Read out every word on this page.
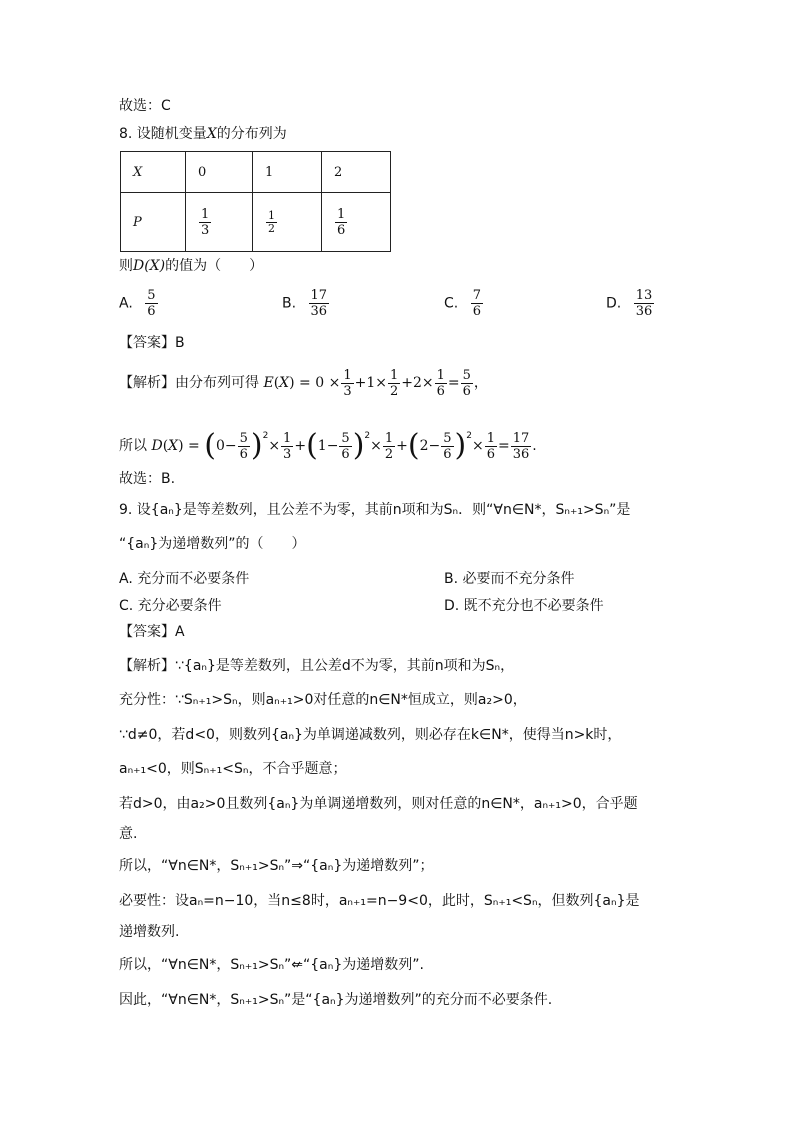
故选：C
8. 设随机变量X的分布列为
X	0	1	2
P	$\frac{1}{3}$	$\frac{1}{2}$	$\frac{1}{6}$
则D(X)的值为（　　）
A. $\frac{5}{6}$	B. $\frac{17}{36}$	C. $\frac{7}{6}$	D. $\frac{13}{36}$
【答案】B
【解析】由分布列可得 $E(X) = 0 \times \frac{1}{3} +1\times \frac{1}{2} +2\times \frac{1}{6} = \frac{5}{6}$ ，
所以 $D(X) = (0- \frac{5}{6} )^2\times \frac{1}{3} +(1- \frac{5}{6} )^2\times \frac{1}{2} +(2- \frac{5}{6} )^2\times \frac{1}{6} = \frac{17}{36}$ .
故选：B.
9. 设{aₙ}是等差数列，且公差不为零，其前n项和为Sₙ．则“∀n∈N*，Sₙ₊₁>Sₙ”是
“{aₙ}为递增数列”的（　　）
A. 充分而不必要条件	B. 必要而不充分条件
C. 充分必要条件	D. 既不充分也不必要条件
【答案】A
【解析】∵{aₙ}是等差数列，且公差d不为零，其前n项和为Sₙ，
充分性：∵Sₙ₊₁>Sₙ，则aₙ₊₁>0对任意的n∈N*恒成立，则a₂>0，
∵d≠0，若d<0，则数列{aₙ}为单调递减数列，则必存在k∈N*，使得当n>k时，
aₙ₊₁<0，则Sₙ₊₁<Sₙ，不合乎题意；
若d>0，由a₂>0且数列{aₙ}为单调递增数列，则对任意的n∈N*，aₙ₊₁>0，合乎题
意.
所以，“∀n∈N*，Sₙ₊₁>Sₙ”⇒“{aₙ}为递增数列”；
必要性：设aₙ=n−10，当n≤8时，aₙ₊₁=n−9<0，此时，Sₙ₊₁<Sₙ，但数列{aₙ}是
递增数列.
所以，“∀n∈N*，Sₙ₊₁>Sₙ”⇍“{aₙ}为递增数列”.
因此，“∀n∈N*，Sₙ₊₁>Sₙ”是“{aₙ}为递增数列”的充分而不必要条件.
